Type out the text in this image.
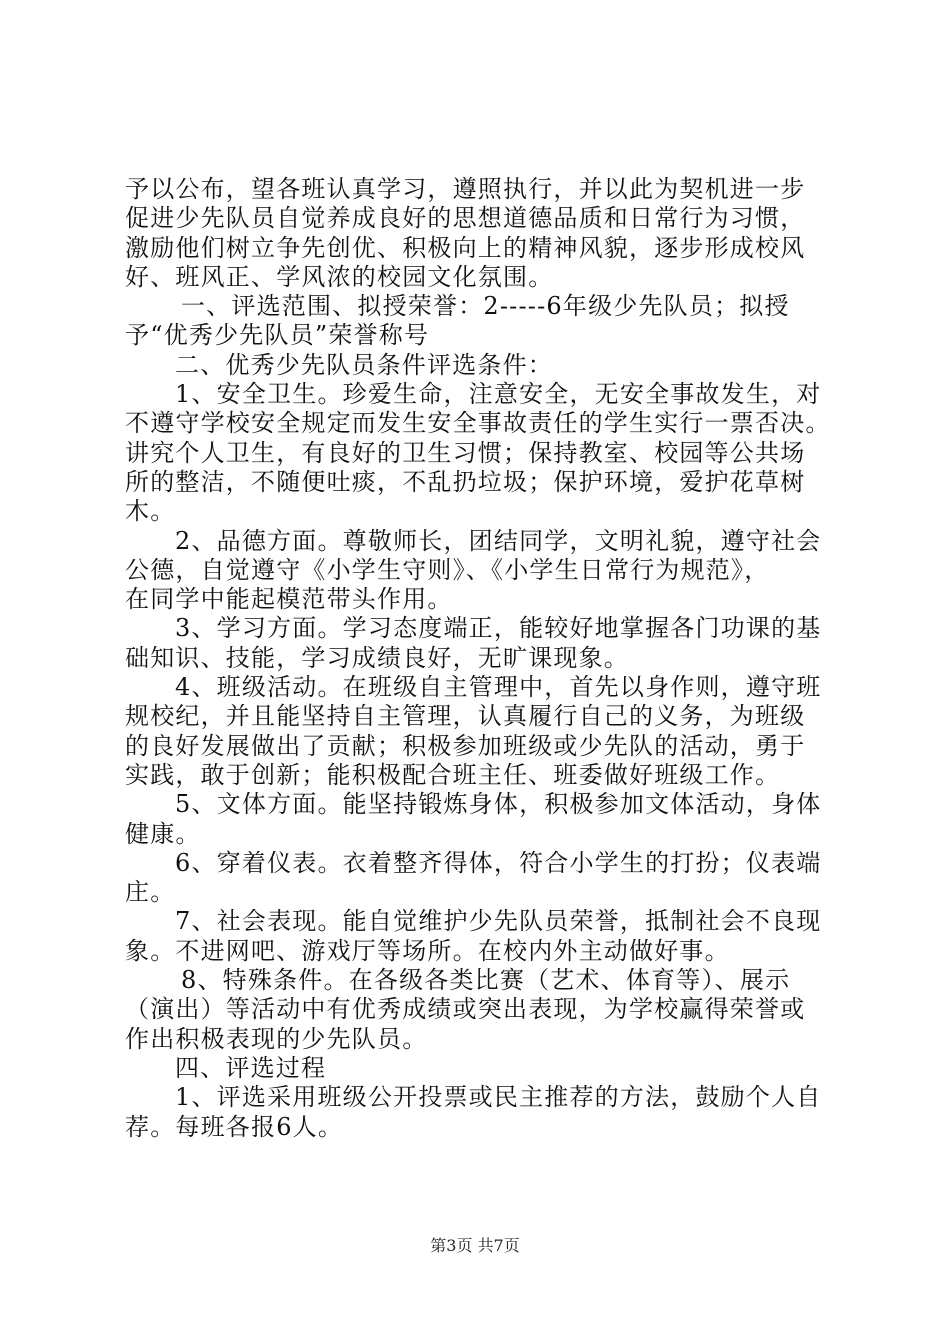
予以公布，望各班认真学习，遵照执行，并以此为契机进一步
促进少先队员自觉养成良好的思想道德品质和日常行为习惯，
激励他们树立争先创优、积极向上的精神风貌，逐步形成校风
好、班风正、学风浓的校园文化氛围。
一、评选范围、拟授荣誉：2-----6年级少先队员；拟授
予“优秀少先队员”荣誉称号
二、优秀少先队员条件评选条件：
1、安全卫生。珍爱生命，注意安全，无安全事故发生，对
不遵守学校安全规定而发生安全事故责任的学生实行一票否决。
讲究个人卫生，有良好的卫生习惯；保持教室、校园等公共场
所的整洁，不随便吐痰，不乱扔垃圾；保护环境，爱护花草树
木。
2、品德方面。尊敬师长，团结同学，文明礼貌，遵守社会
公德，自觉遵守《小学生守则》、《小学生日常行为规范》，
在同学中能起模范带头作用。
3、学习方面。学习态度端正，能较好地掌握各门功课的基
础知识、技能，学习成绩良好，无旷课现象。
4、班级活动。在班级自主管理中，首先以身作则，遵守班
规校纪，并且能坚持自主管理，认真履行自己的义务，为班级
的良好发展做出了贡献；积极参加班级或少先队的活动，勇于
实践，敢于创新；能积极配合班主任、班委做好班级工作。
5、文体方面。能坚持锻炼身体，积极参加文体活动，身体
健康。
6、穿着仪表。衣着整齐得体，符合小学生的打扮；仪表端
庄。
7、社会表现。能自觉维护少先队员荣誉，抵制社会不良现
象。不进网吧、游戏厅等场所。在校内外主动做好事。
8、特殊条件。在各级各类比赛（艺术、体育等）、展示
（演出）等活动中有优秀成绩或突出表现，为学校赢得荣誉或
作出积极表现的少先队员。
四、评选过程
1、评选采用班级公开投票或民主推荐的方法，鼓励个人自
荐。每班各报6人。
第3页 共7页
